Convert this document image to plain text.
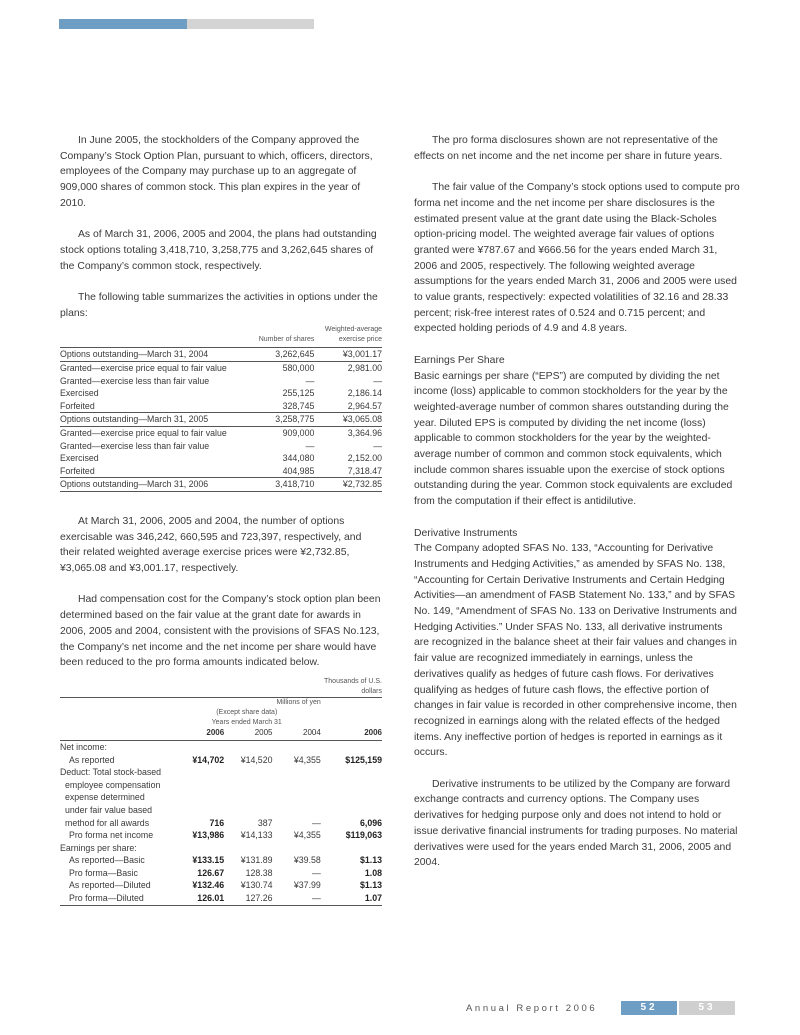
In June 2005, the stockholders of the Company approved the Company’s Stock Option Plan, pursuant to which, officers, directors, employees of the Company may purchase up to an aggregate of 909,000 shares of common stock. This plan expires in the year of 2010.

As of March 31, 2006, 2005 and 2004, the plans had outstanding stock options totaling 3,418,710, 3,258,775 and 3,262,645 shares of the Company’s common stock, respectively.

The following table summarizes the activities in options under the plans:

	Number of shares	Weighted-average exercise price
Options outstanding—March 31, 2004	3,262,645	¥3,001.17
Granted—exercise price equal to fair value	580,000	2,981.00
Granted—exercise less than fair value	—	—
Exercised	255,125	2,186.14
Forfeited	328,745	2,964.57
Options outstanding—March 31, 2005	3,258,775	¥3,065.08
Granted—exercise price equal to fair value	909,000	3,364.96
Granted—exercise less than fair value	—	—
Exercised	344,080	2,152.00
Forfeited	404,985	7,318.47
Options outstanding—March 31, 2006	3,418,710	¥2,732.85

At March 31, 2006, 2005 and 2004, the number of options exercisable was 346,242, 660,595 and 723,397, respectively, and their related weighted average exercise prices were ¥2,732.85, ¥3,065.08 and ¥3,001.17, respectively.

Had compensation cost for the Company’s stock option plan been determined based on the fair value at the grant date for awards in 2006, 2005 and 2004, consistent with the provisions of SFAS No.123, the Company’s net income and the net income per share would have been reduced to the pro forma amounts indicated below.

				Thousands of U.S. dollars
	Millions of yen			
	(Except share data)			
	Years ended March 31			
	2006	2005	2004	2006
Net income:				
As reported	¥14,702	¥14,520	¥4,355	$125,159
Deduct: Total stock-based				
employee compensation				
expense determined				
under fair value based				
method for all awards	716	387	—	6,096
Pro forma net income	¥13,986	¥14,133	¥4,355	$119,063
Earnings per share:				
As reported—Basic	¥133.15	¥131.89	¥39.58	$1.13
Pro forma—Basic	126.67	128.38	—	1.08
As reported—Diluted	¥132.46	¥130.74	¥37.99	$1.13
Pro forma—Diluted	126.01	127.26	—	1.07

The pro forma disclosures shown are not representative of the effects on net income and the net income per share in future years.

The fair value of the Company’s stock options used to compute pro forma net income and the net income per share disclosures is the estimated present value at the grant date using the Black-Scholes option-pricing model. The weighted average fair values of options granted were ¥787.67 and ¥666.56 for the years ended March 31, 2006 and 2005, respectively. The following weighted average assumptions for the years ended March 31, 2006 and 2005 were used to value grants, respectively: expected volatilities of 32.16 and 28.33 percent; risk-free interest rates of 0.524 and 0.715 percent; and expected holding periods of 4.9 and 4.8 years.

Earnings Per Share

Basic earnings per share (“EPS”) are computed by dividing the net income (loss) applicable to common stockholders for the year by the weighted-average number of common shares outstanding during the year. Diluted EPS is computed by dividing the net income (loss) applicable to common stockholders for the year by the weighted-average number of common and common stock equivalents, which include common shares issuable upon the exercise of stock options outstanding during the year. Common stock equivalents are excluded from the computation if their effect is antidilutive.

Derivative Instruments

The Company adopted SFAS No. 133, “Accounting for Derivative Instruments and Hedging Activities,” as amended by SFAS No. 138, “Accounting for Certain Derivative Instruments and Certain Hedging Activities—an amendment of FASB Statement No. 133,” and by SFAS No. 149, “Amendment of SFAS No. 133 on Derivative Instruments and Hedging Activities.” Under SFAS No. 133, all derivative instruments are recognized in the balance sheet at their fair values and changes in fair value are recognized immediately in earnings, unless the derivatives qualify as hedges of future cash flows. For derivatives qualifying as hedges of future cash flows, the effective portion of changes in fair value is recorded in other comprehensive income, then recognized in earnings along with the related effects of the hedged items. Any ineffective portion of hedges is reported in earnings as it occurs.

Derivative instruments to be utilized by the Company are forward exchange contracts and currency options. The Company uses derivatives for hedging purpose only and does not intend to hold or issue derivative financial instruments for trading purposes. No material derivatives were used for the years ended March 31, 2006, 2005 and 2004.

Annual Report 2006	52	53
